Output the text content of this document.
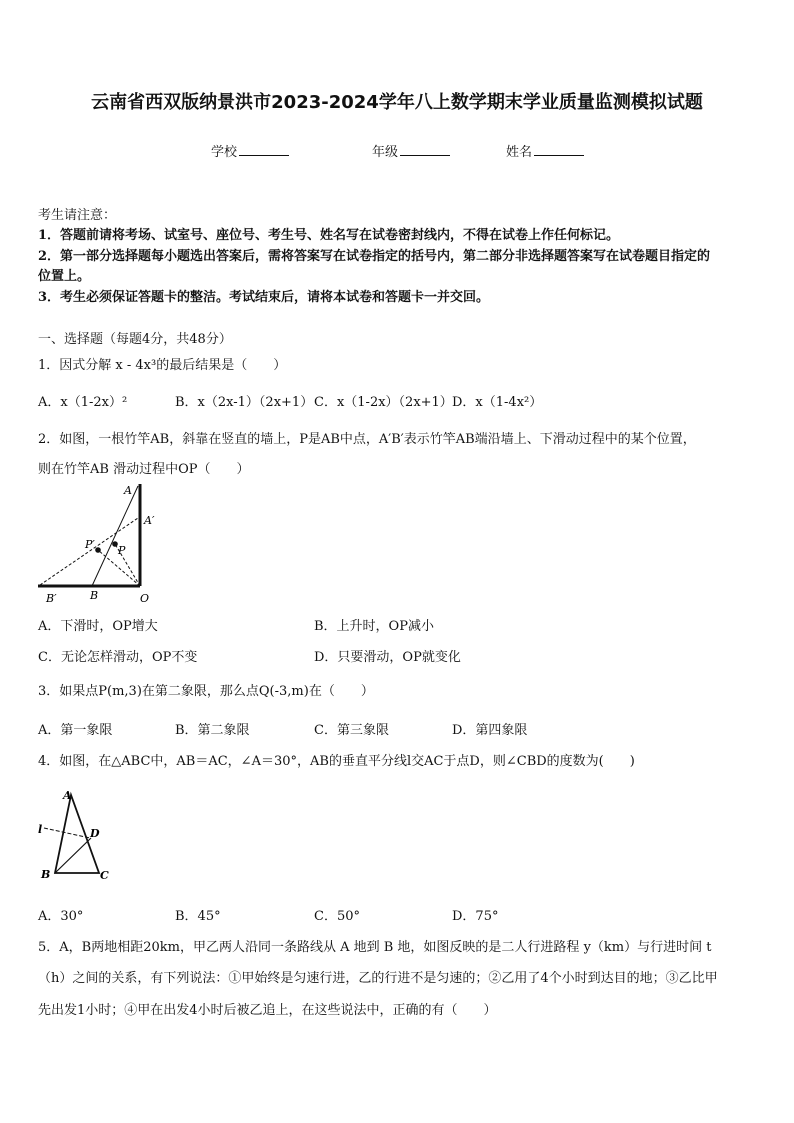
云南省西双版纳景洪市2023-2024学年八上数学期末学业质量监测模拟试题
学校	年级	姓名
考生请注意：
1．答题前请将考场、试室号、座位号、考生号、姓名写在试卷密封线内，不得在试卷上作任何标记。
2．第一部分选择题每小题选出答案后，需将答案写在试卷指定的括号内，第二部分非选择题答案写在试卷题目指定的
位置上。
3．考生必须保证答题卡的整洁。考试结束后，请将本试卷和答题卡一并交回。
一、选择题（每题4分，共48分）
1．因式分解 x - 4x³的最后结果是（　　）
A．x（1-2x）²	B．x（2x-1）（2x+1） C．x（1-2x）（2x+1） D．x（1-4x²）
2．如图，一根竹竿AB，斜靠在竖直的墙上，P是AB中点，A′B′表示竹竿AB端沿墙上、下滑动过程中的某个位置，
则在竹竿AB 滑动过程中OP（　　）
A
A′
P′ P
B′	B	O
A．下滑时，OP增大	B．上升时，OP减小
C．无论怎样滑动，OP不变	D．只要滑动，OP就变化
3．如果点P(m,3)在第二象限，那么点Q(-3,m)在（　　）
A．第一象限	B．第二象限	C．第三象限	D．第四象限
4．如图，在△ABC中，AB＝AC，∠A＝30°，AB的垂直平分线l交AC于点D，则∠CBD的度数为(　　)
A
l	D
B	C
A．30°	B．45°	C．50°	D．75°
5．A，B两地相距20km，甲乙两人沿同一条路线从 A 地到 B 地，如图反映的是二人行进路程 y（km）与行进时间 t
（h）之间的关系，有下列说法：①甲始终是匀速行进，乙的行进不是匀速的；②乙用了4个小时到达目的地；③乙比甲
先出发1小时；④甲在出发4小时后被乙追上，在这些说法中，正确的有（　　）
